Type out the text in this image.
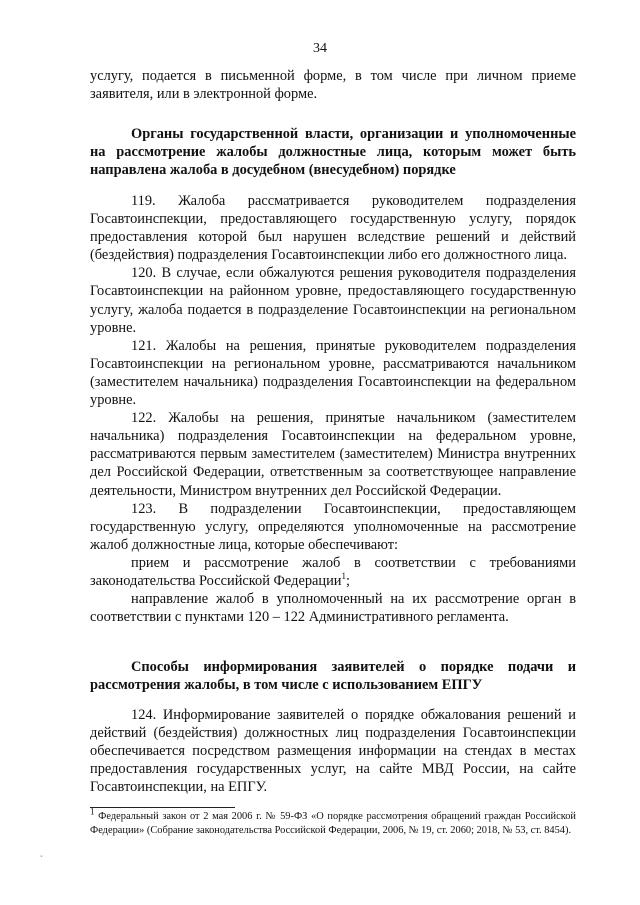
34

услугу, подается в письменной форме, в том числе при личном приеме заявителя, или в электронной форме.

Органы государственной власти, организации и уполномоченные на рассмотрение жалобы должностные лица, которым может быть направлена жалоба в досудебном (внесудебном) порядке

119. Жалоба рассматривается руководителем подразделения Госавтоинспекции, предоставляющего государственную услугу, порядок предоставления которой был нарушен вследствие решений и действий (бездействия) подразделения Госавтоинспекции либо его должностного лица.

120. В случае, если обжалуются решения руководителя подразделения Госавтоинспекции на районном уровне, предоставляющего государственную услугу, жалоба подается в подразделение Госавтоинспекции на региональном уровне.

121. Жалобы на решения, принятые руководителем подразделения Госавтоинспекции на региональном уровне, рассматриваются начальником (заместителем начальника) подразделения Госавтоинспекции на федеральном уровне.

122. Жалобы на решения, принятые начальником (заместителем начальника) подразделения Госавтоинспекции на федеральном уровне, рассматриваются первым заместителем (заместителем) Министра внутренних дел Российской Федерации, ответственным за соответствующее направление деятельности, Министром внутренних дел Российской Федерации.

123. В подразделении Госавтоинспекции, предоставляющем государственную услугу, определяются уполномоченные на рассмотрение жалоб должностные лица, которые обеспечивают:

прием и рассмотрение жалоб в соответствии с требованиями законодательства Российской Федерации$^1$;

направление жалоб в уполномоченный на их рассмотрение орган в соответствии с пунктами 120 – 122 Административного регламента.

Способы информирования заявителей о порядке подачи и рассмотрения жалобы, в том числе с использованием ЕПГУ

124. Информирование заявителей о порядке обжалования решений и действий (бездействия) должностных лиц подразделения Госавтоинспекции обеспечивается посредством размещения информации на стендах в местах предоставления государственных услуг, на сайте МВД России, на сайте Госавтоинспекции, на ЕПГУ.

$^1$ Федеральный закон от 2 мая 2006 г. № 59-ФЗ «О порядке рассмотрения обращений граждан Российской Федерации» (Собрание законодательства Российской Федерации, 2006, № 19, ст. 2060; 2018, № 53, ст. 8454).

˘
